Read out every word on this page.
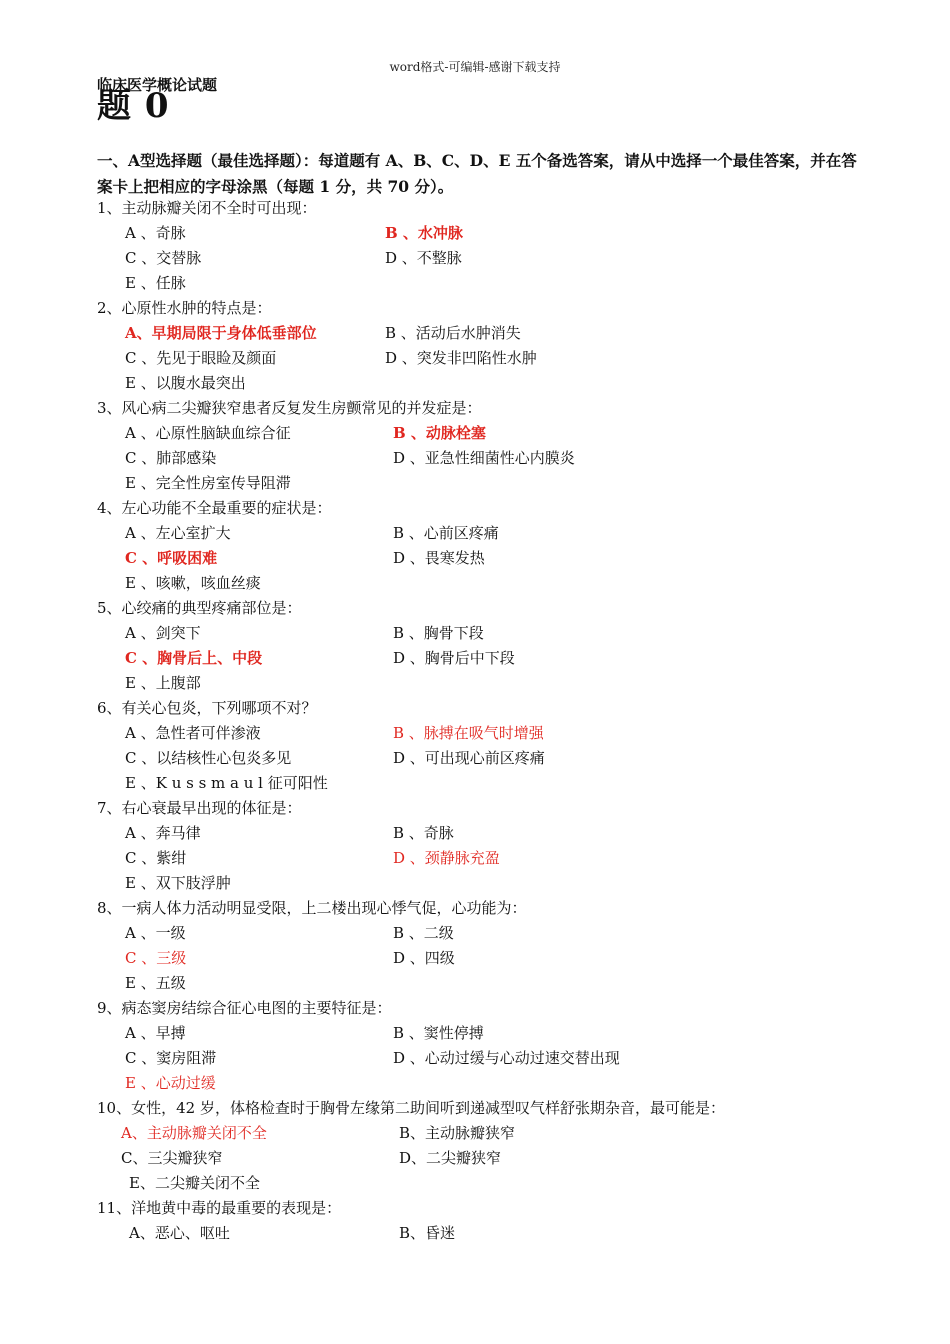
word格式-可编辑-感谢下载支持
临床医学概论试题
题 0
一、A型选择题（最佳选择题）：每道题有 A、B、C、D、E 五个备选答案，请从中选择一个最佳答案，并在答案卡上把相应的字母涂黑（每题 1 分，共 70 分）。
1、主动脉瓣关闭不全时可出现：
A 、奇脉	B 、水冲脉
C 、交替脉	D 、不整脉
E 、任脉
2、心原性水肿的特点是：
A、早期局限于身体低垂部位	B 、活动后水肿消失
C 、先见于眼睑及颜面	D 、突发非凹陷性水肿
E 、以腹水最突出
3、风心病二尖瓣狭窄患者反复发生房颤常见的并发症是：
A 、心原性脑缺血综合征	B 、动脉栓塞
C 、肺部感染	D 、亚急性细菌性心内膜炎
E 、完全性房室传导阻滞
4、左心功能不全最重要的症状是：
A 、左心室扩大	B 、心前区疼痛
C 、呼吸困难	D 、畏寒发热
E 、咳嗽，咳血丝痰
5、心绞痛的典型疼痛部位是：
A 、剑突下	B 、胸骨下段
C 、胸骨后上、中段	D 、胸骨后中下段
E 、上腹部
6、有关心包炎，下列哪项不对？
A 、急性者可伴渗液	B 、脉搏在吸气时增强
C 、以结核性心包炎多见	D 、可出现心前区疼痛
E 、K u s s m a u l 征可阳性
7、右心衰最早出现的体征是：
A 、奔马律	B 、奇脉
C 、紫绀	D 、颈静脉充盈
E 、双下肢浮肿
8、一病人体力活动明显受限，上二楼出现心悸气促，心功能为：
A 、一级	B 、二级
C 、三级	D 、四级
E 、五级
9、病态窦房结综合征心电图的主要特征是：
A 、早搏	B 、窦性停搏
C 、窦房阻滞	D 、心动过缓与心动过速交替出现
E 、心动过缓
10、女性，42 岁，体格检查时于胸骨左缘第二助间听到递减型叹气样舒张期杂音，最可能是：
A、主动脉瓣关闭不全	B、主动脉瓣狭窄
C、三尖瓣狭窄	D、二尖瓣狭窄
E、二尖瓣关闭不全
11、洋地黄中毒的最重要的表现是：
A、恶心、呕吐	B、昏迷
